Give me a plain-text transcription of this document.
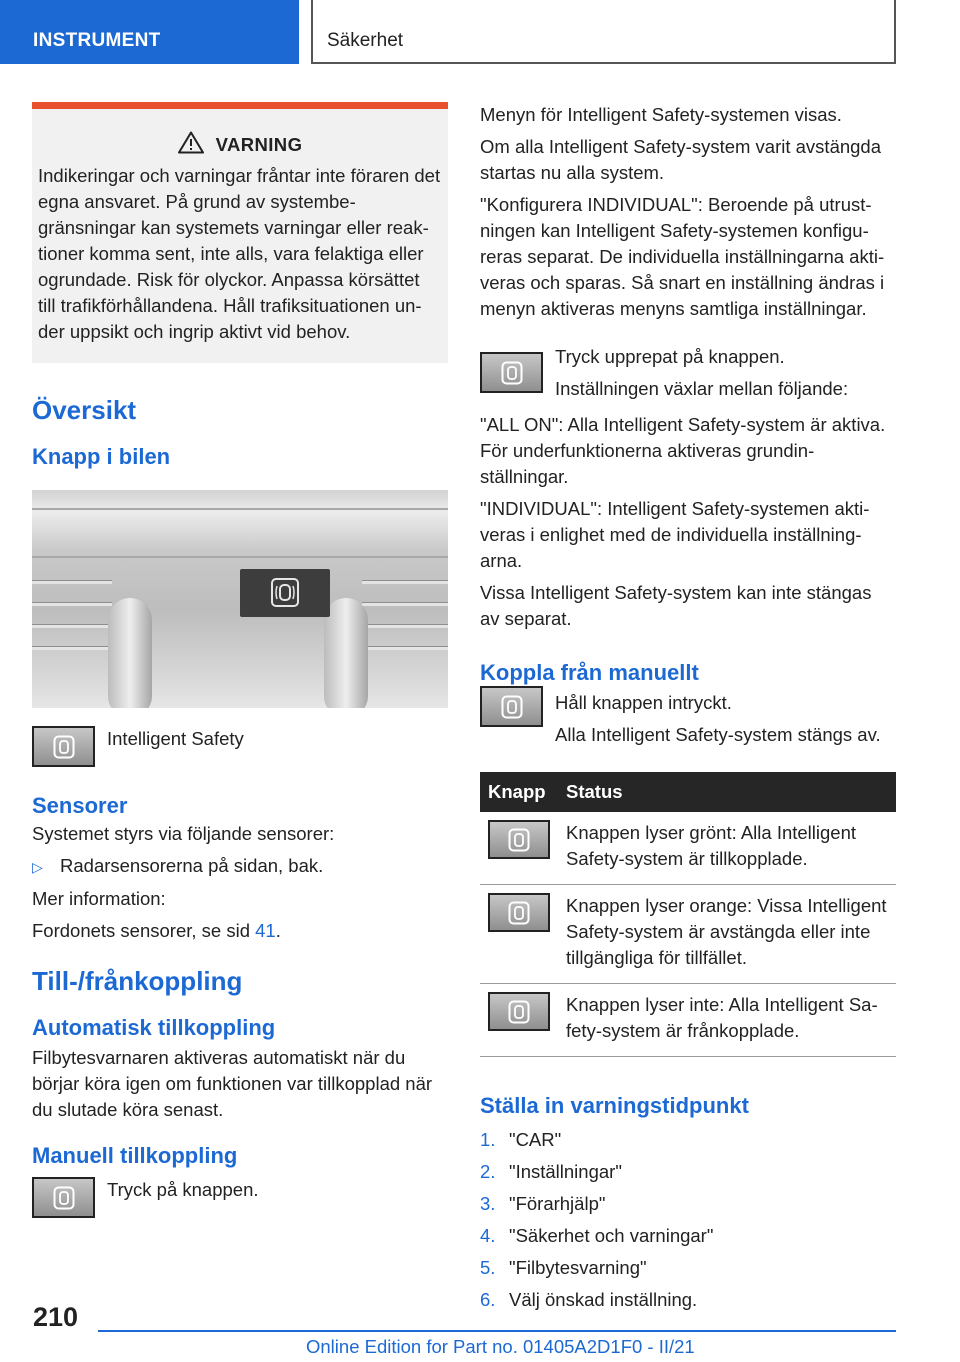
INSTRUMENT	Säkerhet
VARNING

Indikeringar och varningar fråntar inte föraren det egna ansvaret. På grund av systembegränsningar kan systemets varningar eller reaktioner komma sent, inte alls, vara felaktiga eller ogrundade. Risk för olyckor. Anpassa körsättet till trafikförhållandena. Håll trafiksituationen under uppsikt och ingrip aktivt vid behov.

Översikt
Knapp i bilen

Intelligent Safety

Sensorer

Systemet styrs via följande sensorer:

▷ Radarsensorerna på sidan, bak.

Mer information:

Fordonets sensorer, se sid 41.

Till-/frånkoppling
Automatisk tillkoppling

Filbytesvarnaren aktiveras automatiskt när du börjar köra igen om funktionen var tillkopplad när du slutade köra senast.

Manuell tillkoppling

Tryck på knappen.

Menyn för Intelligent Safety-systemen visas.

Om alla Intelligent Safety-system varit avstängda startas nu alla system.

"Konfigurera INDIVIDUAL": Beroende på utrustningen kan Intelligent Safety-systemen konfigureras separat. De individuella inställningarna aktiveras och sparas. Så snart en inställning ändras i menyn aktiveras menyns samtliga inställningar.

Tryck upprepat på knappen.

Inställningen växlar mellan följande:

"ALL ON": Alla Intelligent Safety-system är aktiva. För underfunktionerna aktiveras grundinställningar.

"INDIVIDUAL": Intelligent Safety-systemen aktiveras i enlighet med de individuella inställningarna.

Vissa Intelligent Safety-system kan inte stängas av separat.

Koppla från manuellt

Håll knappen intryckt.

Alla Intelligent Safety-system stängs av.

Knapp	Status

	Knappen lyser grönt: Alla Intelligent Safety-system är tillkopplade.

	Knappen lyser orange: Vissa Intelligent Safety-system är avstängda eller inte tillgängliga för tillfället.

	Knappen lyser inte: Alla Intelligent Safety-system är frånkopplade.
Ställa in varningstidpunkt
1. "CAR"
2. "Inställningar"
3. "Förarhjälp"
4. "Säkerhet och varningar"
5. "Filbytesvarning"
6. Välj önskad inställning.
210
Online Edition for Part no. 01405A2D1F0 - II/21
